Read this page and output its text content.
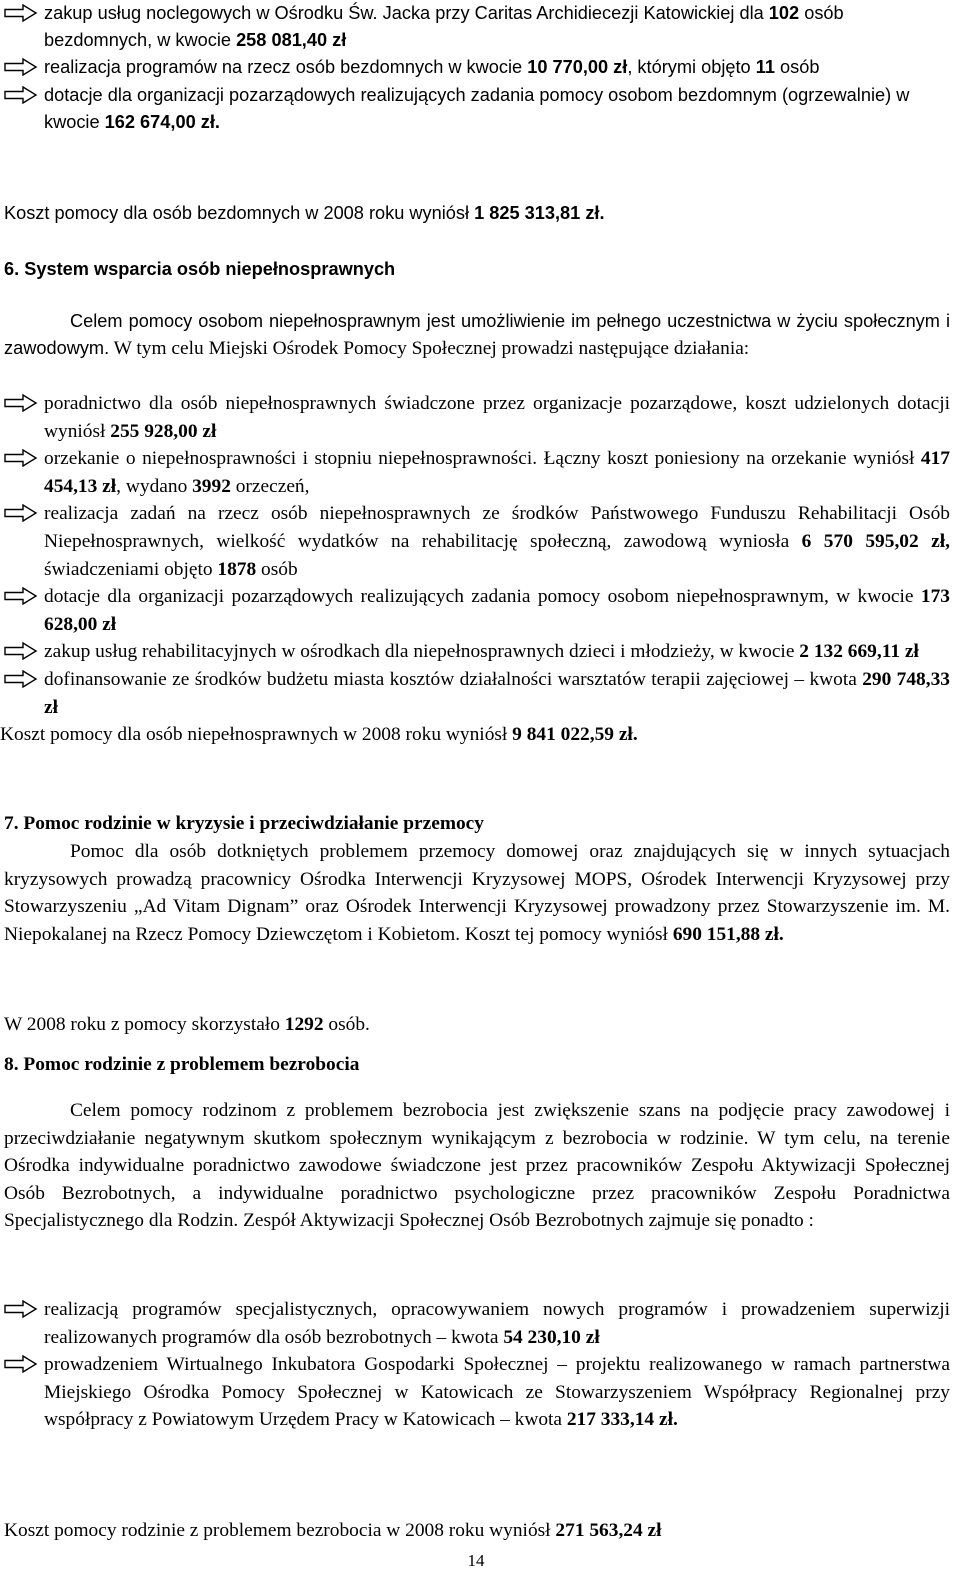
zakup usług noclegowych w Ośrodku Św. Jacka przy Caritas Archidiecezji Katowickiej dla 102 osób bezdomnych, w kwocie 258 081,40 zł

realizacja programów na rzecz osób bezdomnych w kwocie 10 770,00 zł, którymi objęto 11 osób

dotacje dla organizacji pozarządowych realizujących zadania pomocy osobom bezdomnym (ogrzewalnie) w kwocie 162 674,00 zł.

Koszt pomocy dla osób bezdomnych w 2008 roku wyniósł 1 825 313,81 zł.

6. System wsparcia osób niepełnosprawnych

Celem pomocy osobom niepełnosprawnym jest umożliwienie im pełnego uczestnictwa w życiu społecznym i zawodowym. W tym celu Miejski Ośrodek Pomocy Społecznej prowadzi następujące działania:

poradnictwo dla osób niepełnosprawnych świadczone przez organizacje pozarządowe, koszt udzielonych dotacji wyniósł 255 928,00 zł

orzekanie o niepełnosprawności i stopniu niepełnosprawności. Łączny koszt poniesiony na orzekanie wyniósł 417 454,13 zł, wydano 3992 orzeczeń,

realizacja zadań na rzecz osób niepełnosprawnych ze środków Państwowego Funduszu Rehabilitacji Osób Niepełnosprawnych, wielkość wydatków na rehabilitację społeczną, zawodową wyniosła 6 570 595,02 zł, świadczeniami objęto 1878 osób

dotacje dla organizacji pozarządowych realizujących zadania pomocy osobom niepełnosprawnym, w kwocie 173 628,00 zł

zakup usług rehabilitacyjnych w ośrodkach dla niepełnosprawnych dzieci i młodzieży, w kwocie 2 132 669,11 zł

dofinansowanie ze środków budżetu miasta kosztów działalności warsztatów terapii zajęciowej – kwota 290 748,33 zł

Koszt pomocy dla osób niepełnosprawnych w 2008 roku wyniósł 9 841 022,59 zł.

7. Pomoc rodzinie w kryzysie i przeciwdziałanie przemocy

Pomoc dla osób dotkniętych problemem przemocy domowej oraz znajdujących się w innych sytuacjach kryzysowych prowadzą pracownicy Ośrodka Interwencji Kryzysowej MOPS, Ośrodek Interwencji Kryzysowej przy Stowarzyszeniu „Ad Vitam Dignam” oraz Ośrodek Interwencji Kryzysowej prowadzony przez Stowarzyszenie im. M. Niepokalanej na Rzecz Pomocy Dziewczętom i Kobietom. Koszt tej pomocy wyniósł 690 151,88 zł.

W 2008 roku z pomocy skorzystało 1292 osób.

8. Pomoc rodzinie z problemem bezrobocia

Celem pomocy rodzinom z problemem bezrobocia jest zwiększenie szans na podjęcie pracy zawodowej i przeciwdziałanie negatywnym skutkom społecznym wynikającym z bezrobocia w rodzinie. W tym celu, na terenie Ośrodka indywidualne poradnictwo zawodowe świadczone jest przez pracowników Zespołu Aktywizacji Społecznej Osób Bezrobotnych, a indywidualne poradnictwo psychologiczne przez pracowników Zespołu Poradnictwa Specjalistycznego dla Rodzin. Zespół Aktywizacji Społecznej Osób Bezrobotnych zajmuje się ponadto :

realizacją programów specjalistycznych, opracowywaniem nowych programów i prowadzeniem superwizji realizowanych programów dla osób bezrobotnych – kwota 54 230,10 zł

prowadzeniem Wirtualnego Inkubatora Gospodarki Społecznej – projektu realizowanego w ramach partnerstwa Miejskiego Ośrodka Pomocy Społecznej w Katowicach ze Stowarzyszeniem Współpracy Regionalnej przy współpracy z Powiatowym Urzędem Pracy w Katowicach – kwota 217 333,14 zł.

Koszt pomocy rodzinie z problemem bezrobocia w 2008 roku wyniósł 271 563,24 zł

14
